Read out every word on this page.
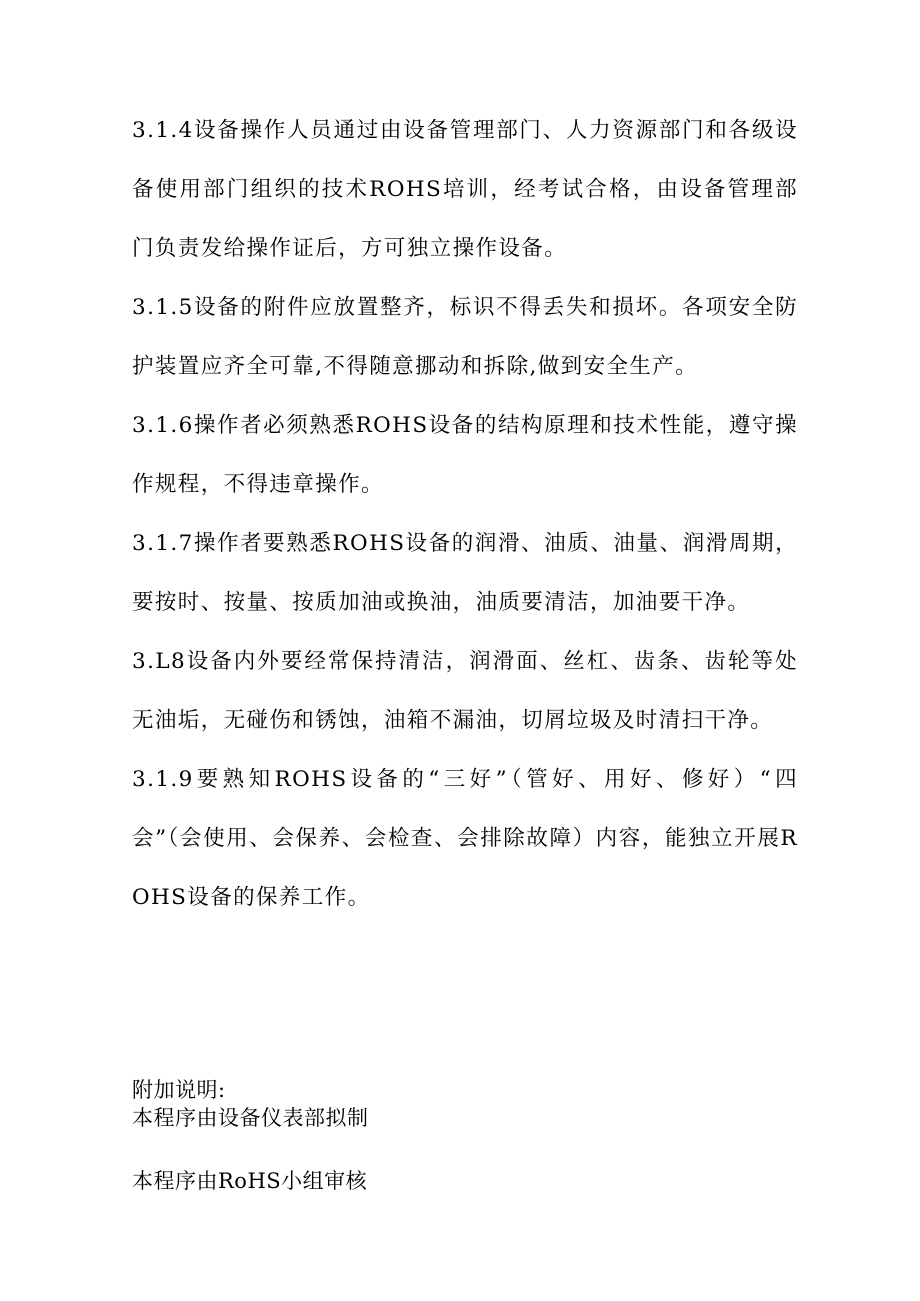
3.1.4设备操作人员通过由设备管理部门、人力资源部门和各级设备使用部门组织的技术ROHS培训，经考试合格，由设备管理部门负责发给操作证后，方可独立操作设备。

3.1.5设备的附件应放置整齐，标识不得丢失和损坏。各项安全防护装置应齐全可靠,不得随意挪动和拆除,做到安全生产。

3.1.6操作者必须熟悉ROHS设备的结构原理和技术性能，遵守操作规程，不得违章操作。

3.1.7操作者要熟悉ROHS设备的润滑、油质、油量、润滑周期，要按时、按量、按质加油或换油，油质要清洁，加油要干净。

3.L8设备内外要经常保持清洁，润滑面、丝杠、齿条、齿轮等处无油垢，无碰伤和锈蚀，油箱不漏油，切屑垃圾及时清扫干净。

3.1.9要熟知ROHS设备的“三好”（管好、用好、修好）“四会”（会使用、会保养、会检查、会排除故障）内容，能独立开展ROHS设备的保养工作。

附加说明:

本程序由设备仪表部拟制

本程序由RoHS小组审核
